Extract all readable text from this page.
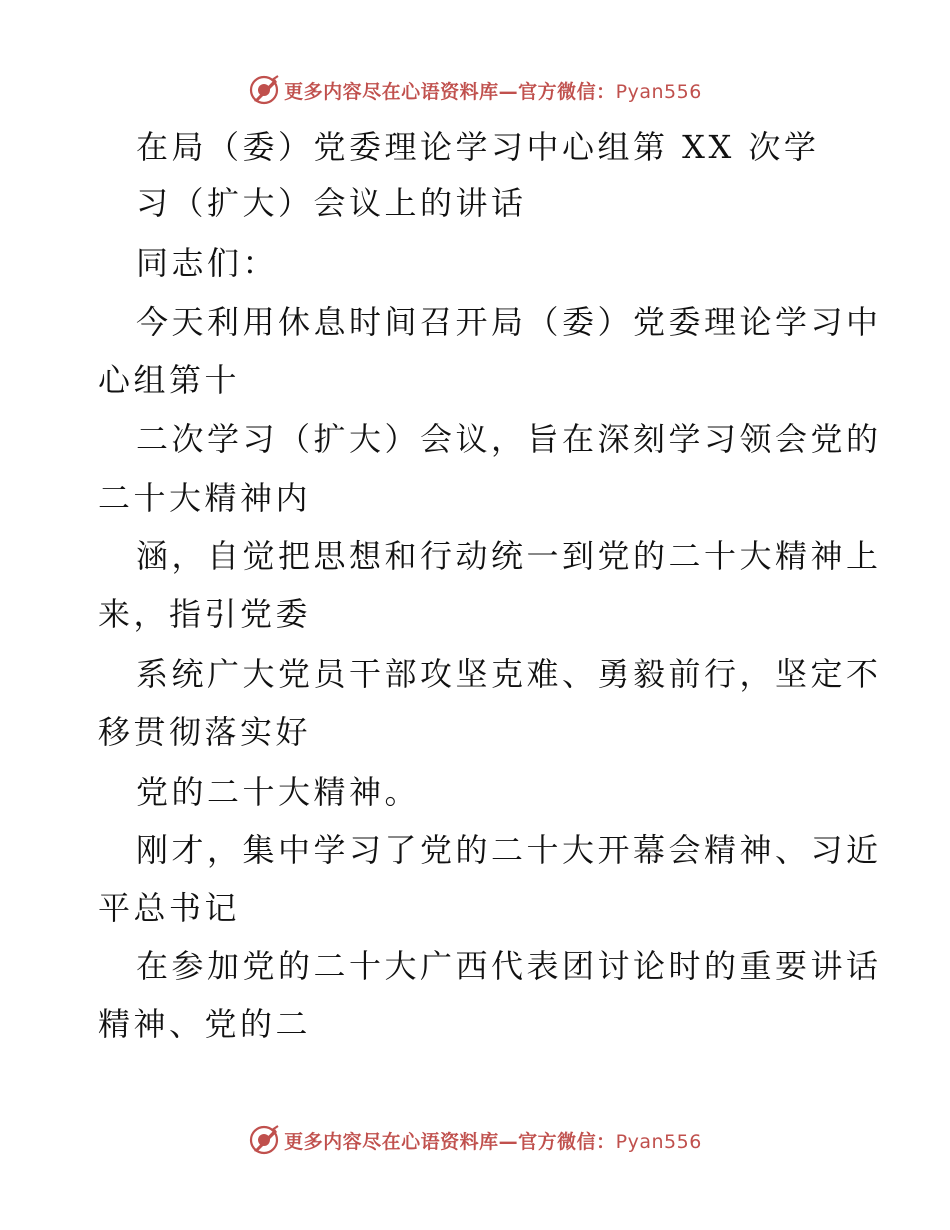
更多内容尽在心语资料库—官方微信：Pyan556
在局（委）党委理论学习中心组第 XX 次学
习（扩大）会议上的讲话
同志们：
今天利用休息时间召开局（委）党委理论学习中
心组第十
二次学习（扩大）会议，旨在深刻学习领会党的
二十大精神内
涵，自觉把思想和行动统一到党的二十大精神上
来，指引党委
系统广大党员干部攻坚克难、勇毅前行，坚定不
移贯彻落实好
党的二十大精神。
刚才，集中学习了党的二十大开幕会精神、习近
平总书记
在参加党的二十大广西代表团讨论时的重要讲话
精神、党的二
更多内容尽在心语资料库—官方微信：Pyan556
